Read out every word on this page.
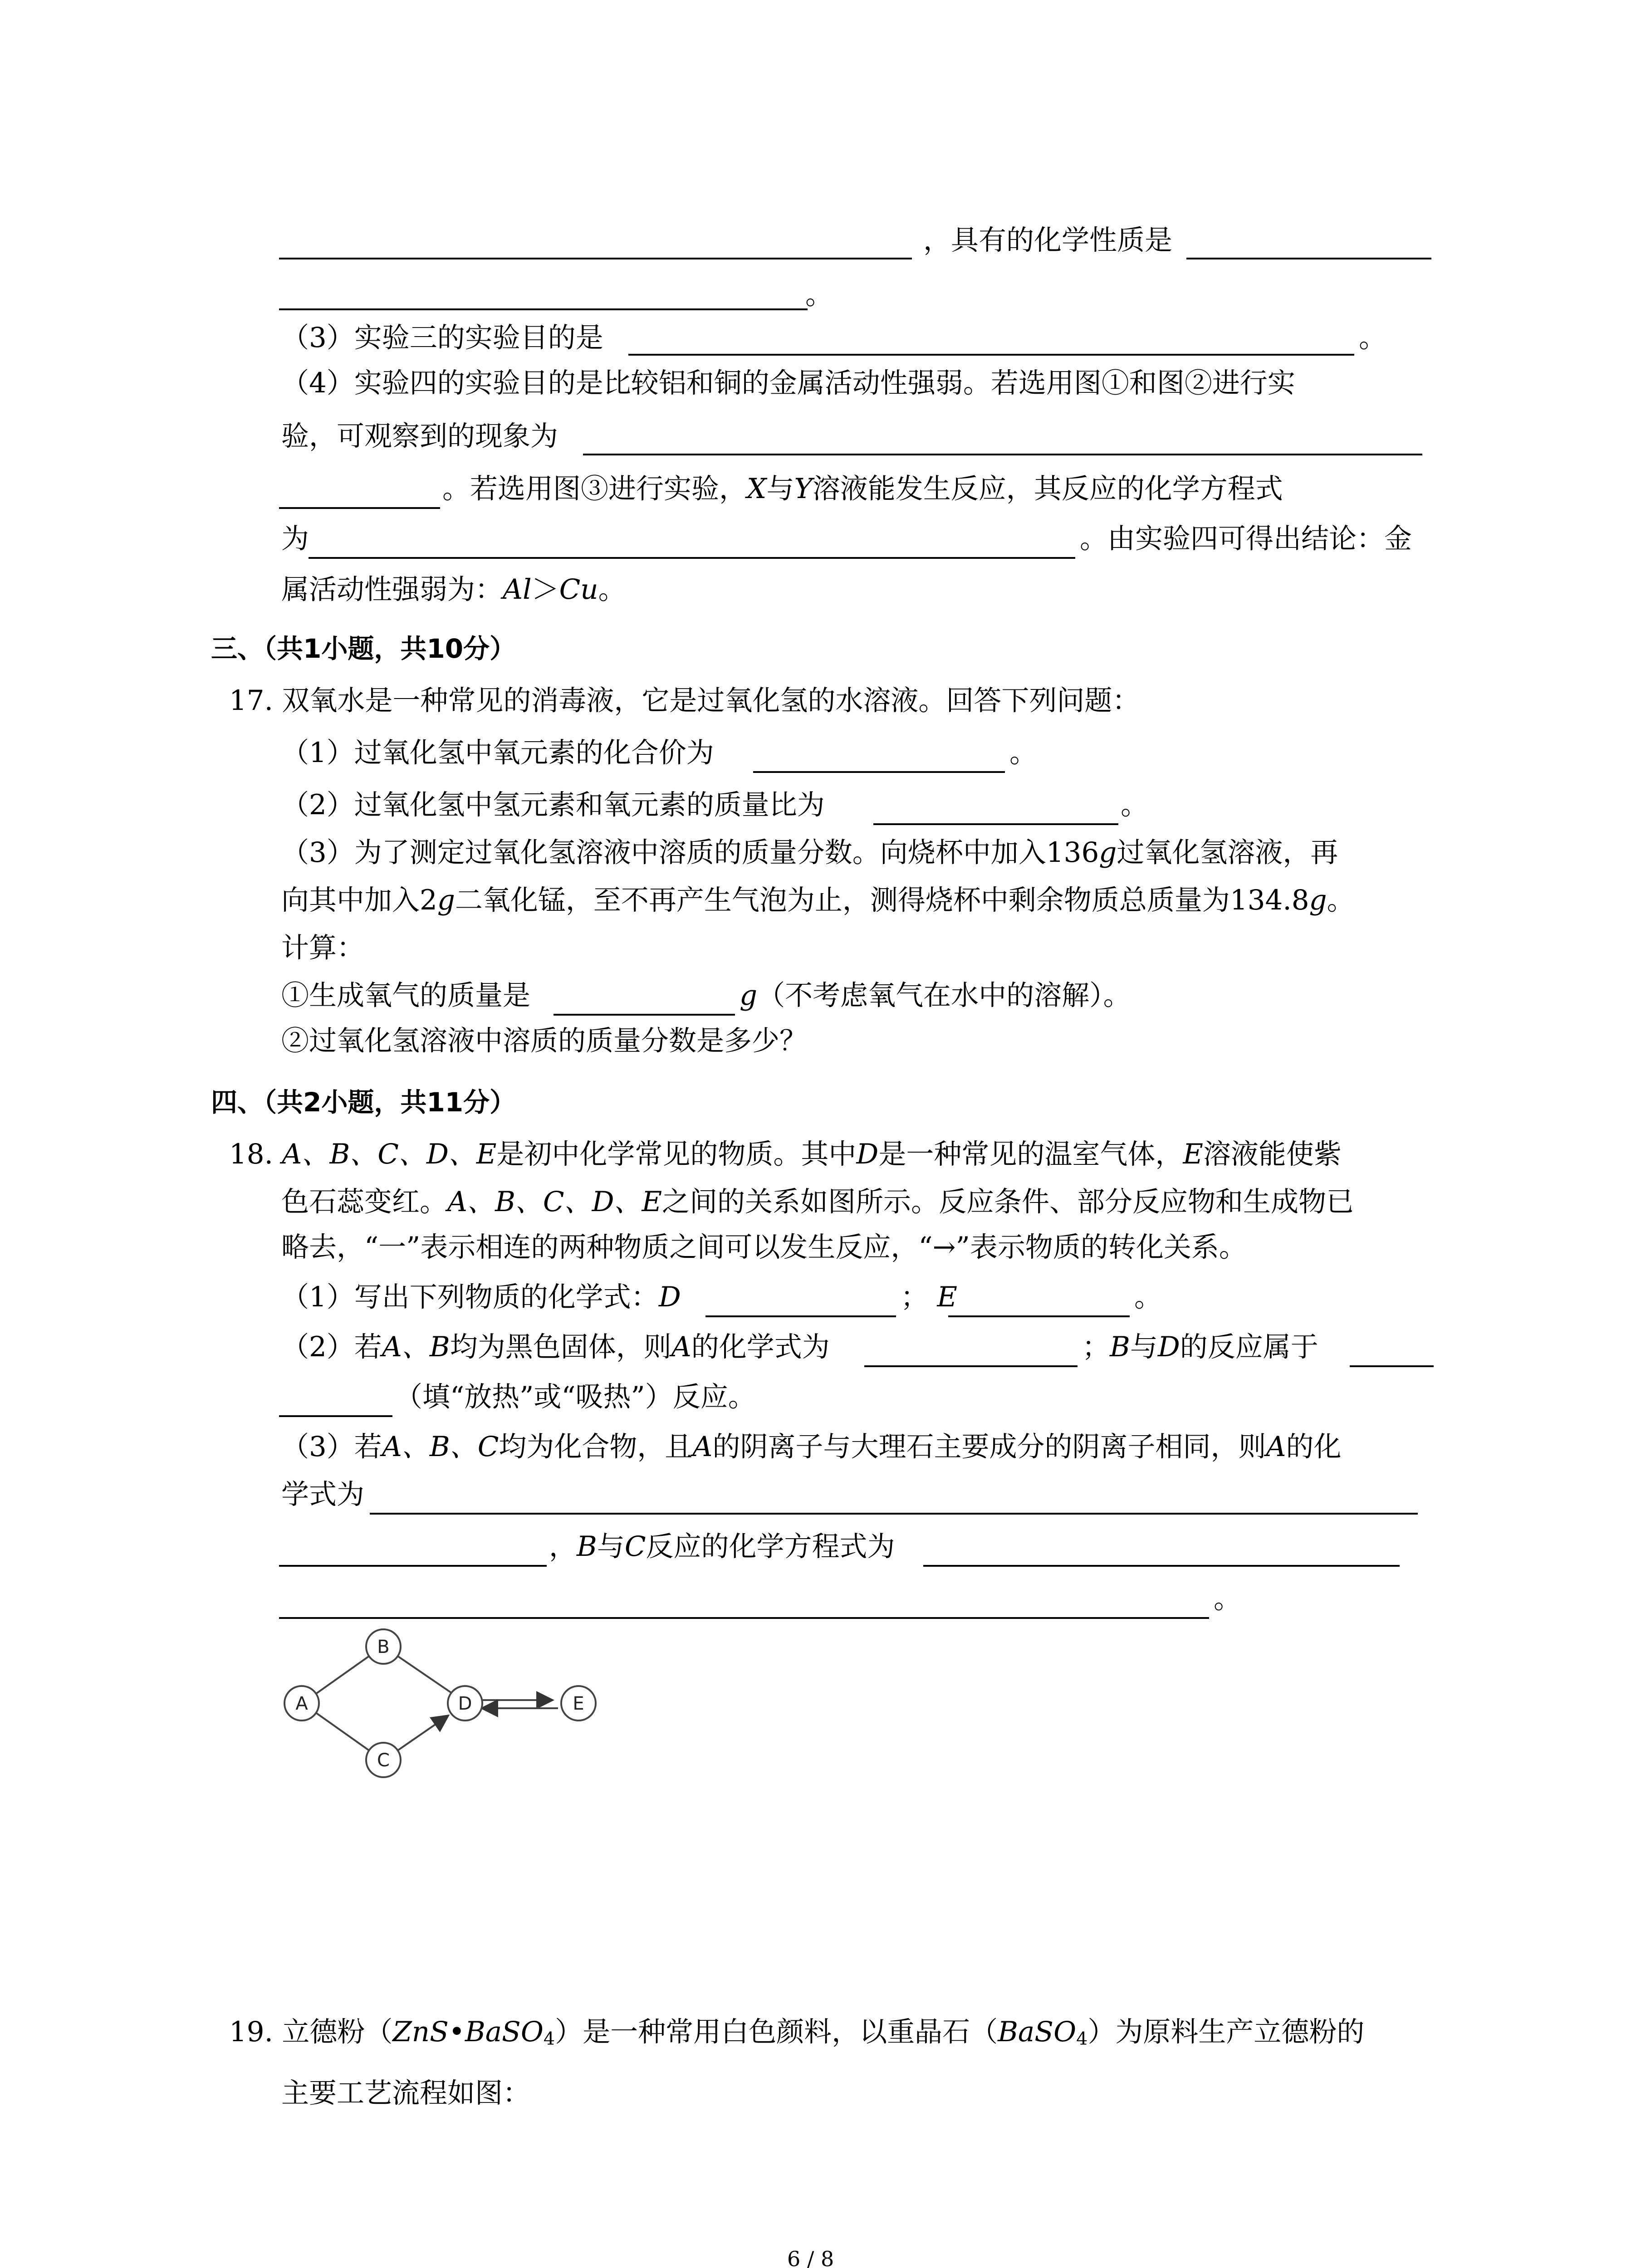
，具有的化学性质是
。
（3）实验三的实验目的是	。
（4）实验四的实验目的是比较铝和铜的金属活动性强弱。若选用图①和图②进行实
验，可观察到的现象为
。若选用图③进行实验，X与Y溶液能发生反应，其反应的化学方程式
为	。由实验四可得出结论：金
属活动性强弱为：Al＞Cu。
三、（共1小题，共10分）
17. 双氧水是一种常见的消毒液，它是过氧化氢的水溶液。回答下列问题：
（1）过氧化氢中氧元素的化合价为	。
（2）过氧化氢中氢元素和氧元素的质量比为	。
（3）为了测定过氧化氢溶液中溶质的质量分数。向烧杯中加入136g过氧化氢溶液，再
向其中加入2g二氧化锰，至不再产生气泡为止，测得烧杯中剩余物质总质量为134.8g。
计算：
①生成氧气的质量是	g（不考虑氧气在水中的溶解）。
②过氧化氢溶液中溶质的质量分数是多少？
四、（共2小题，共11分）
18. A、B、C、D、E是初中化学常见的物质。其中D是一种常见的温室气体，E溶液能使紫
色石蕊变红。A、B、C、D、E之间的关系如图所示。反应条件、部分反应物和生成物已
略去，“一”表示相连的两种物质之间可以发生反应，“→”表示物质的转化关系。
（1）写出下列物质的化学式：D	； E	。
（2）若A、B均为黑色固体，则A的化学式为	；B与D的反应属于
（填“放热”或“吸热”）反应。
（3）若A、B、C均为化合物，且A的阴离子与大理石主要成分的阴离子相同，则A的化
学式为
，B与C反应的化学方程式为
。
A
B
C
D	E
19. 立德粉（ZnS•BaSO$_4$）是一种常用白色颜料，以重晶石（BaSO$_4$）为原料生产立德粉的
主要工艺流程如图：
6 / 8
